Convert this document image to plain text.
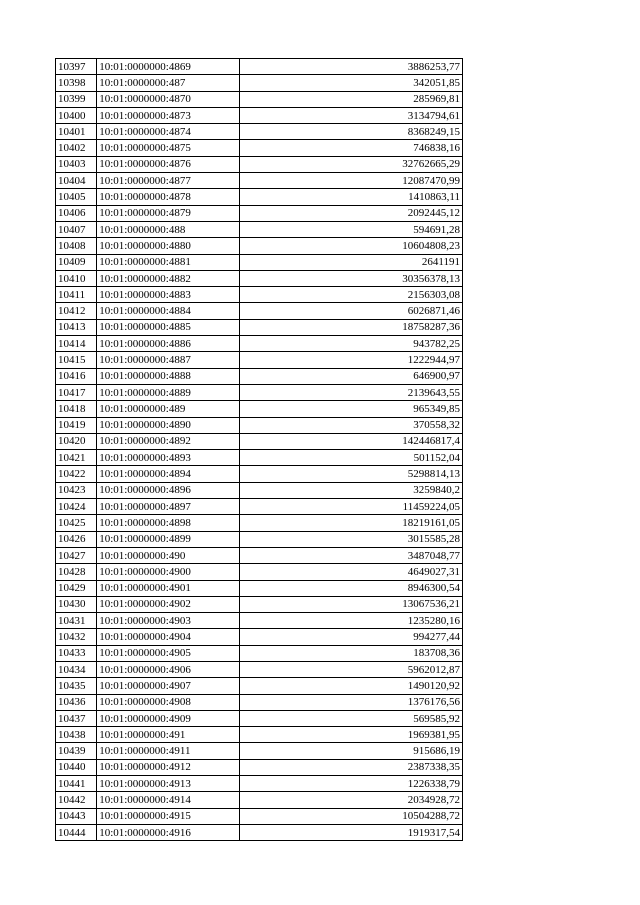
10397	10:01:0000000:4869	3886253,77
10398	10:01:0000000:487	342051,85
10399	10:01:0000000:4870	285969,81
10400	10:01:0000000:4873	3134794,61
10401	10:01:0000000:4874	8368249,15
10402	10:01:0000000:4875	746838,16
10403	10:01:0000000:4876	32762665,29
10404	10:01:0000000:4877	12087470,99
10405	10:01:0000000:4878	1410863,11
10406	10:01:0000000:4879	2092445,12
10407	10:01:0000000:488	594691,28
10408	10:01:0000000:4880	10604808,23
10409	10:01:0000000:4881	2641191
10410	10:01:0000000:4882	30356378,13
10411	10:01:0000000:4883	2156303,08
10412	10:01:0000000:4884	6026871,46
10413	10:01:0000000:4885	18758287,36
10414	10:01:0000000:4886	943782,25
10415	10:01:0000000:4887	1222944,97
10416	10:01:0000000:4888	646900,97
10417	10:01:0000000:4889	2139643,55
10418	10:01:0000000:489	965349,85
10419	10:01:0000000:4890	370558,32
10420	10:01:0000000:4892	142446817,4
10421	10:01:0000000:4893	501152,04
10422	10:01:0000000:4894	5298814,13
10423	10:01:0000000:4896	3259840,2
10424	10:01:0000000:4897	11459224,05
10425	10:01:0000000:4898	18219161,05
10426	10:01:0000000:4899	3015585,28
10427	10:01:0000000:490	3487048,77
10428	10:01:0000000:4900	4649027,31
10429	10:01:0000000:4901	8946300,54
10430	10:01:0000000:4902	13067536,21
10431	10:01:0000000:4903	1235280,16
10432	10:01:0000000:4904	994277,44
10433	10:01:0000000:4905	183708,36
10434	10:01:0000000:4906	5962012,87
10435	10:01:0000000:4907	1490120,92
10436	10:01:0000000:4908	1376176,56
10437	10:01:0000000:4909	569585,92
10438	10:01:0000000:491	1969381,95
10439	10:01:0000000:4911	915686,19
10440	10:01:0000000:4912	2387338,35
10441	10:01:0000000:4913	1226338,79
10442	10:01:0000000:4914	2034928,72
10443	10:01:0000000:4915	10504288,72
10444	10:01:0000000:4916	1919317,54
